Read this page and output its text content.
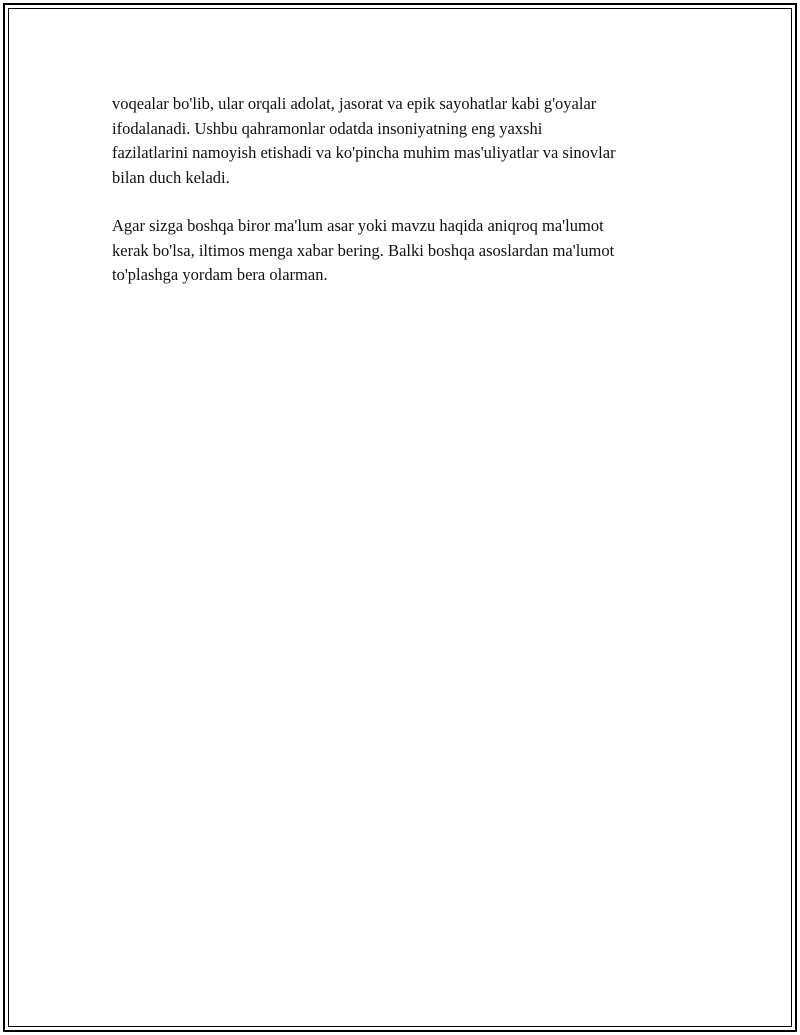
voqealar bo'lib, ular orqali adolat, jasorat va epik sayohatlar kabi g'oyalar
ifodalanadi. Ushbu qahramonlar odatda insoniyatning eng yaxshi
fazilatlarini namoyish etishadi va ko'pincha muhim mas'uliyatlar va sinovlar
bilan duch keladi.

Agar sizga boshqa biror ma'lum asar yoki mavzu haqida aniqroq ma'lumot
kerak bo'lsa, iltimos menga xabar bering. Balki boshqa asoslardan ma'lumot
to'plashga yordam bera olarman.
